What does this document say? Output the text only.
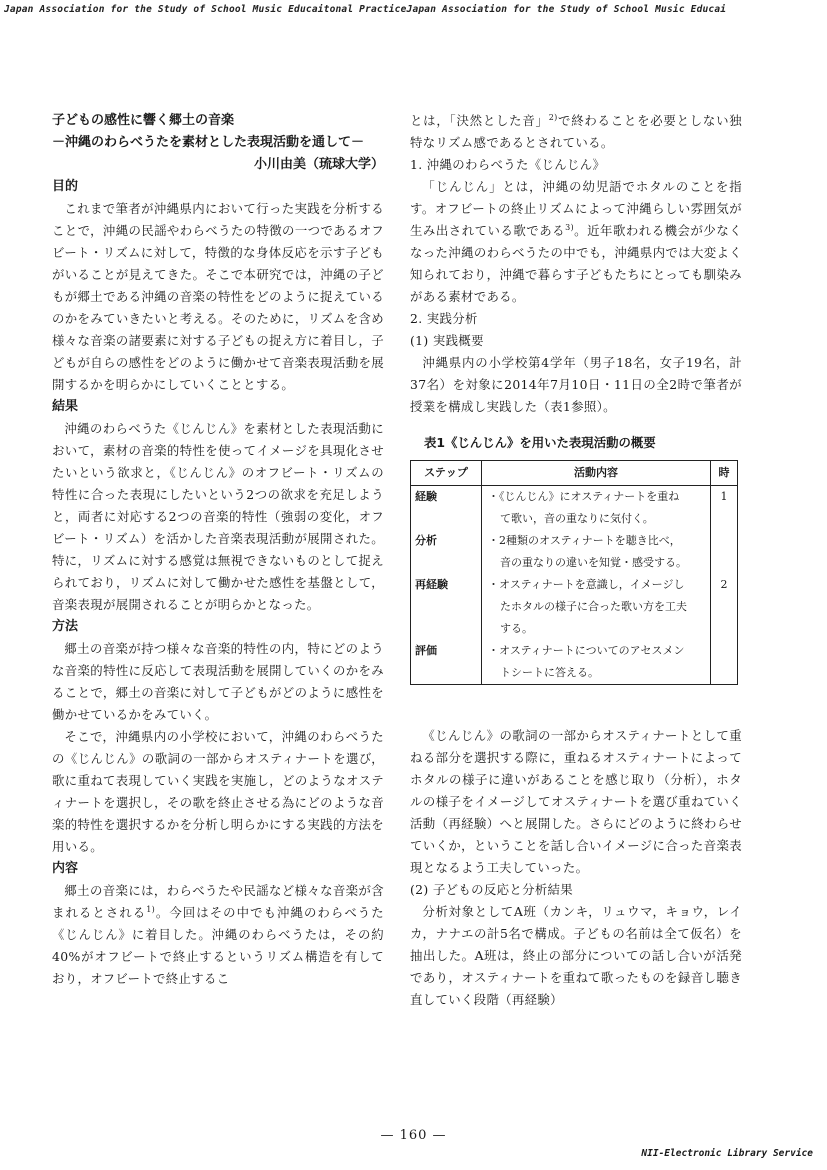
Japan Association for the Study of School Music Educaitonal PracticeJapan Association for the Study of School Music Educai
子どもの感性に響く郷土の音楽
－沖縄のわらべうたを素材とした表現活動を通して－
小川由美（琉球大学）
目的

これまで筆者が沖縄県内において行った実践を分析することで，沖縄の民謡やわらべうたの特徴の一つであるオフビート・リズムに対して，特徴的な身体反応を示す子どもがいることが見えてきた。そこで本研究では，沖縄の子どもが郷土である沖縄の音楽の特性をどのように捉えているのかをみていきたいと考える。そのために，リズムを含め様々な音楽の諸要素に対する子どもの捉え方に着目し，子どもが自らの感性をどのように働かせて音楽表現活動を展開するかを明らかにしていくこととする。

結果

沖縄のわらべうた《じんじん》を素材とした表現活動において，素材の音楽的特性を使ってイメージを具現化させたいという欲求と，《じんじん》のオフビート・リズムの特性に合った表現にしたいという2つの欲求を充足しようと，両者に対応する2つの音楽的特性（強弱の変化，オフビート・リズム）を活かした音楽表現活動が展開された。特に，リズムに対する感覚は無視できないものとして捉えられており，リズムに対して働かせた感性を基盤として，音楽表現が展開されることが明らかとなった。

方法

郷土の音楽が持つ様々な音楽的特性の内，特にどのような音楽的特性に反応して表現活動を展開していくのかをみることで，郷土の音楽に対して子どもがどのように感性を働かせているかをみていく。

そこで，沖縄県内の小学校において，沖縄のわらべうたの《じんじん》の歌詞の一部からオスティナートを選び，歌に重ねて表現していく実践を実施し，どのようなオスティナートを選択し，その歌を終止させる為にどのような音楽的特性を選択するかを分析し明らかにする実践的方法を用いる。

内容

郷土の音楽には，わらべうたや民謡など様々な音楽が含まれるとされる$^{1)}$。今回はその中でも沖縄のわらべうた《じんじん》に着目した。沖縄のわらべうたは，その約40%がオフビートで終止するというリズム構造を有しており，オフビートで終止するこ

とは，「決然とした音」$^{2)}$で終わることを必要としない独特なリズム感であるとされている。

1. 沖縄のわらべうた《じんじん》

「じんじん」とは，沖縄の幼児語でホタルのことを指す。オフビートの終止リズムによって沖縄らしい雰囲気が生み出されている歌である$^{3)}$。近年歌われる機会が少なくなった沖縄のわらべうたの中でも，沖縄県内では大変よく知られており，沖縄で暮らす子どもたちにとっても馴染みがある素材である。

2. 実践分析
(1) 実践概要

沖縄県内の小学校第4学年（男子18名，女子19名，計37名）を対象に2014年7月10日・11日の全2時で筆者が授業を構成し実践した（表1参照）。

表1《じんじん》を用いた表現活動の概要
ステップ	活動内容	時
経験	・《じんじん》にオスティナートを重ね
て歌い，音の重なりに気付く。	1
分析	・2種類のオスティナートを聴き比べ，
音の重なりの違いを知覚・感受する。	

再経験	・オスティナートを意識し，イメージし
たホタルの様子に合った歌い方を工夫
する。	2
評価	・オスティナートについてのアセスメン
トシートに答える。	

《じんじん》の歌詞の一部からオスティナートとして重ねる部分を選択する際に，重ねるオスティナートによってホタルの様子に違いがあることを感じ取り（分析），ホタルの様子をイメージしてオスティナートを選び重ねていく活動（再経験）へと展開した。さらにどのように終わらせていくか，ということを話し合いイメージに合った音楽表現となるよう工夫していった。

(2) 子どもの反応と分析結果

分析対象としてA班（カンキ，リュウマ，キョウ，レイカ，ナナエの計5名で構成。子どもの名前は全て仮名）を抽出した。A班は，終止の部分についての話し合いが活発であり，オスティナートを重ねて歌ったものを録音し聴き直していく段階（再経験）

— 160 —
NII-Electronic Library Service
